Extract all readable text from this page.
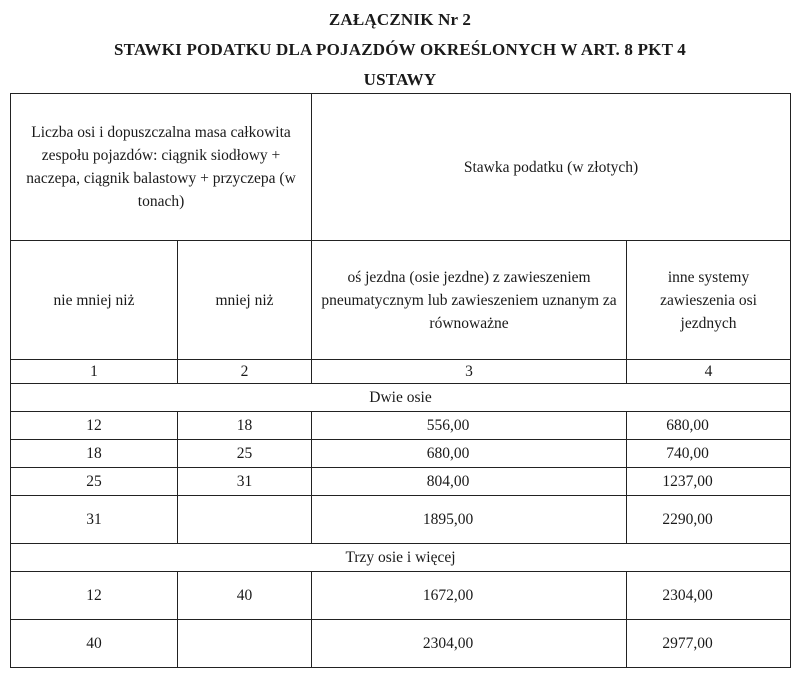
ZAŁĄCZNIK Nr 2
STAWKI PODATKU DLA POJAZDÓW OKREŚLONYCH W ART. 8 PKT 4
USTAWY
Liczba osi i dopuszczalna masa całkowita zespołu pojazdów: ciągnik siodłowy + naczepa, ciągnik balastowy + przyczepa (w tonach)		Stawka podatku (w złotych)	
nie mniej niż	mniej niż	oś jezdna (osie jezdne) z zawieszeniem pneumatycznym lub zawieszeniem uznanym za równoważne	inne systemy zawieszenia osi jezdnych
1	2	3	4
Dwie osie			
12	18	556,00	680,00
18	25	680,00	740,00
25	31	804,00	1237,00
31		1895,00	2290,00
Trzy osie i więcej			
12	40	1672,00	2304,00
40		2304,00	2977,00
